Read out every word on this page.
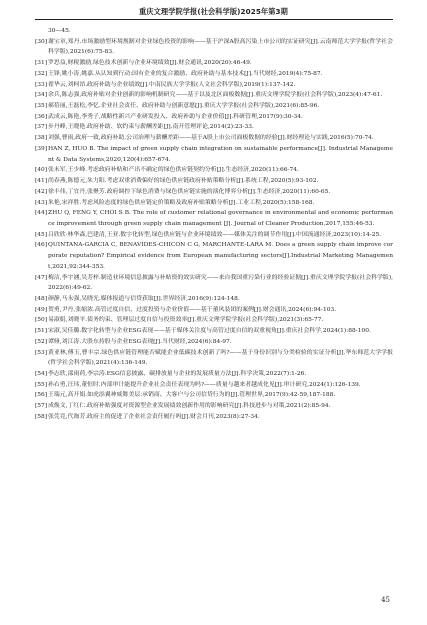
重庆文理学院学报(社会科学版)2025年第3期
30—45.
[30] 谢宝章,郑丹.市场激励型环境规制对企业绿色投资的影响——基于沪深A股高污染上市公司的实证研究[J].云南师范大学学报(哲学社会科学版),2021(6):75-83.
[31] 罗思益,财税激励,绿色技术创新与企业环境绩效[J].财会通讯,2020(20):46-49.
[32] 王锋,姚小涛,姚嘉.从认知到行动:国有企业的复合激励、政府补助与基本技术[J].当代财经,2019(4):75-87.
[33] 翟华云,刘柯昂.政府补助与企业绩效[J].中南民族大学学报(人文社会科学版),2019(1):137-142.
[34] 余兵,陈志强,政府补贴对企业创新的影响机制研究——基于以及北区面板数据[J].重庆文理学院学报(社会科学版),2023(4):47-61.
[35] 郝蓓丽,王磊松,李忆.企业社会责任、政府补助与创新意愿[J].重庆大学学报(社会科学版),2021(6):85-96.
[36] 武成云,陈艳,李秀子,战略性新兴产业研发投入、政府补助与企业价值[J].科研管理,2017(9):30-34.
[37] 步丹峰,王晓艳.政府补助、软约束与薪酬差距[J].南开管理评论,2014(2):23-33.
[38] 刘强,曹雨,政府一致,政府补助,公司治理与薪酬差距——基于A股上市公司面板数据的经验[J].财经理论与实践,2016(5):70-74.
[39] HAN Z, HUO B. The impact of green supply chain integration on sustainable performance[J]. Industrial Management & Data Systems,2020,120(4):657-674.
[40] 张未军,王少峰.考虑政府补贴和产出不确定的绿色供应链契约分析[J].生态经济,2020(11):66-74.
[41] 尚春燕,陈德元,朱力阳.考虑双重消费偏好的绿色供应链政府补贴策略分析[J].系统工程,2020(5):93-102.
[42] 徐丰伟,丁宜丹,张聚芳.政府调控下绿色消费与绿色供应链实施的演化博弈分析[J].生态经济,2020(11):60-65.
[43] 朱艳,宋祥胜.考虑风险态度的绿色供应链定价策略及政府补贴策略分析[J].工业工程,2020(5):158-168.
[44] ZHU Q, FENG Y, CHOI S B. The role of customer relational governance in environmental and economic performance improvement through green supply chain management [J]. Journal of Cleaner Production,2017,155:46-53.
[45] 吕欣欣·林华森,巴建清,王亚.数字化转型,绿色供应链与企业环境绩效——媒体关注的调节作用[J].中国流通经济,2023(10):14-25.
[46] QUINTANA-GARCIA C, BENAVIDES-CHICON C G, MARCHANTE-LARA M. Does a green supply chain improve corporate reputation? Empirical evidence from European manufacturing sectors[J].Industrial Marketing Management,2021,92:344-353.
[47] 梅洁,李宇涵,吴芳梓.制造业环境信息披露与补贴资的效实研究——来自我国重污染行业的经验证据[J].重庆文理学院学报(社会科学版),2022(6):49-62.
[48] 颜静,马永强,吴晓光.媒体报道与信贷获取[J].世界经济,2016(9):124-148.
[49] 贺勇,尹丹,张缩浓.高管过度自信、过度投资与企业价值——基于董风装团的案例[J].财会通讯,2024(6):94-103.
[50] 易淑娟,刘晓平.债务约束、管理层过度自信与投资效率[J].重庆文理学院学报(社会科学版),2021(3):65-77.
[51] 宋淑,吴佳璐.数字化转型与企业ESG表现——基于媒体关注度与高管过度自信的双重视角[J].重庆社会科学,2024(1):88-100.
[52] 谭娅,刘江涛.大股东持股与企业ESG表现[J].当代财经,2024(6):84-97.
[53] 黄亚林,傅玉,曹丰宗.绿色供应链管理能否赋能企业低碳技术创新了吗?——基于身份识别与分类检验的实证分析[J].华东师范大学学报(哲学社会科学版),2021(4):136-149.
[54] 李志欣,邵雨荷,李宗涛.ESG信息披露、碳排放量与企业的发展质量方法[J].科学决策,2022(7):1-26.
[55] 孙右勇,汪玮,董恒时.内部审计能提升企业社会责任表现为吗?——质量与越来者越成化见[J].审计研究,2024(1):126-139.
[56] 王瑞元,高开娟.如虎添翼神威舞美层:承销商、大客户与公司信贷行为的[J].管理世界,2017(9):42-59,187-188.
[57] 成焕文,丁红仁.政府补贴强度对资源型企业发展绩效创新作用的影响研究[J].科技进步与对策,2021(2):85-94.
[58] 张莞竞,代淘芳.政府主的促进了企业社会责任履行吗[J].财会月刊,2023(8):27-34.
45
